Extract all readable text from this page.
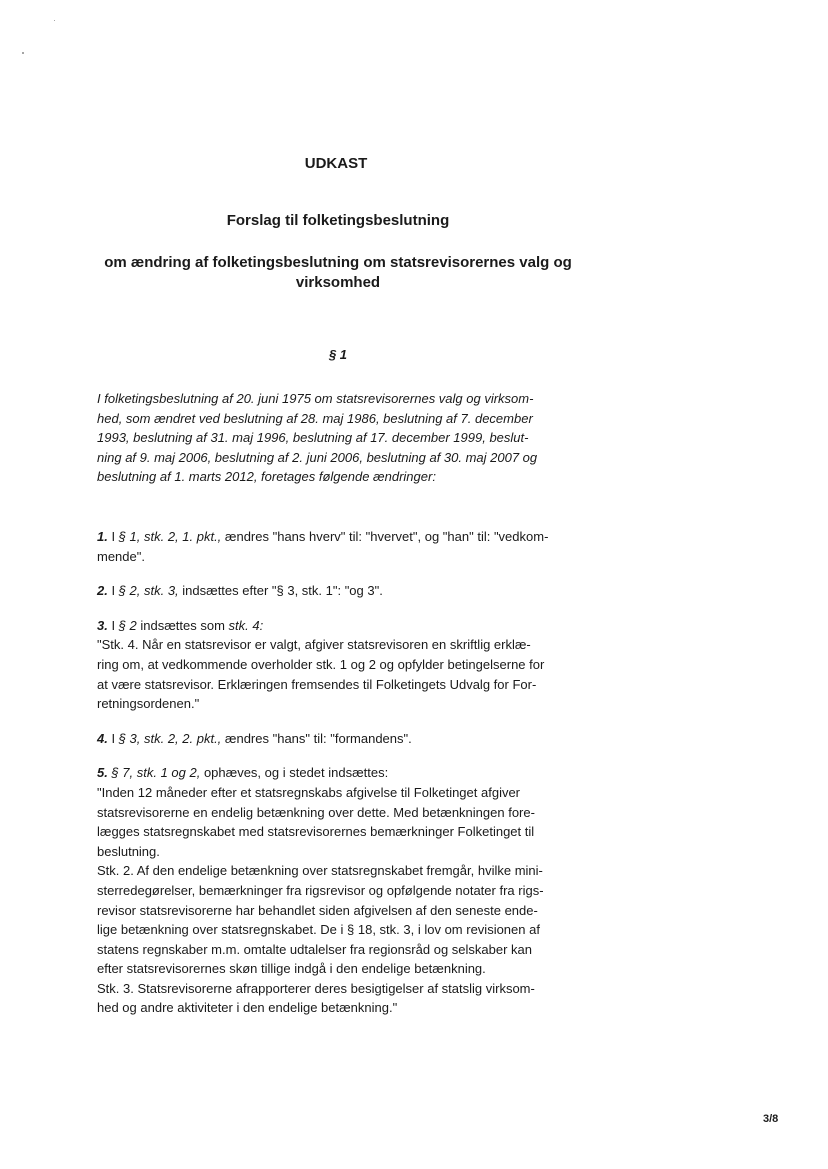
UDKAST
Forslag til folketingsbeslutning
om ændring af folketingsbeslutning om statsrevisorernes valg og
virksomhed
§ 1
I folketingsbeslutning af 20. juni 1975 om statsrevisorernes valg og virksom-
hed, som ændret ved beslutning af 28. maj 1986, beslutning af 7. december
1993, beslutning af 31. maj 1996, beslutning af 17. december 1999, beslut-
ning af 9. maj 2006, beslutning af 2. juni 2006, beslutning af 30. maj 2007 og
beslutning af 1. marts 2012, foretages følgende ændringer:

1. I § 1, stk. 2, 1. pkt., ændres "hans hverv" til: "hvervet", og "han" til: "vedkom-
mende".

2. I § 2, stk. 3, indsættes efter "§ 3, stk. 1": "og 3".

3. I § 2 indsættes som stk. 4:
"Stk. 4. Når en statsrevisor er valgt, afgiver statsrevisoren en skriftlig erklæ-
ring om, at vedkommende overholder stk. 1 og 2 og opfylder betingelserne for
at være statsrevisor. Erklæringen fremsendes til Folketingets Udvalg for For-
retningsordenen."

4. I § 3, stk. 2, 2. pkt., ændres "hans" til: "formandens".

5. § 7, stk. 1 og 2, ophæves, og i stedet indsættes:
"Inden 12 måneder efter et statsregnskabs afgivelse til Folketinget afgiver
statsrevisorerne en endelig betænkning over dette. Med betænkningen fore-
lægges statsregnskabet med statsrevisorernes bemærkninger Folketinget til
beslutning.
Stk. 2. Af den endelige betænkning over statsregnskabet fremgår, hvilke mini-
sterredegørelser, bemærkninger fra rigsrevisor og opfølgende notater fra rigs-
revisor statsrevisorerne har behandlet siden afgivelsen af den seneste ende-
lige betænkning over statsregnskabet. De i § 18, stk. 3, i lov om revisionen af
statens regnskaber m.m. omtalte udtalelser fra regionsråd og selskaber kan
efter statsrevisorernes skøn tillige indgå i den endelige betænkning.
Stk. 3. Statsrevisorerne afrapporterer deres besigtigelser af statslig virksom-
hed og andre aktiviteter i den endelige betænkning."

3/8
